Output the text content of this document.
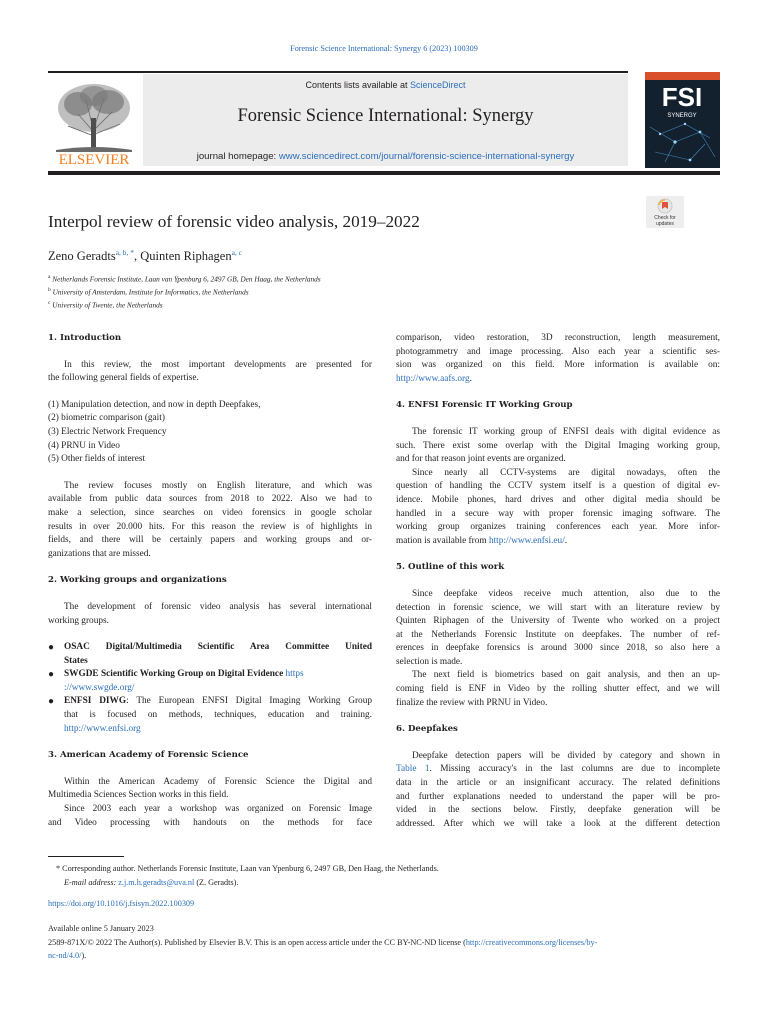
Forensic Science International: Synergy 6 (2023) 100309
ELSEVIER
Contents lists available at ScienceDirect
Forensic Science International: Synergy
journal homepage: www.sciencedirect.com/journal/forensic-science-international-synergy
FSI
SYNERGY
Interpol review of forensic video analysis, 2019–2022	Check for
updates
Zeno Geradts$^{a, b, *}$, Quinten Riphagen$^{a, c}$
$^a$ Netherlands Forensic Institute, Laan van Ypenburg 6, 2497 GB, Den Haag, the Netherlands
$^b$ University of Amsterdam, Institute for Informatics, the Netherlands
$^c$ University of Twente, the Netherlands
1. Introduction
In this review, the most important developments are presented for
the following general fields of expertise.
(1) Manipulation detection, and now in depth Deepfakes,
(2) biometric comparison (gait)
(3) Electric Network Frequency
(4) PRNU in Video
(5) Other fields of interest
The review focuses mostly on English literature, and which was
available from public data sources from 2018 to 2022. Also we had to
make a selection, since searches on video forensics in google scholar
results in over 20.000 hits. For this reason the review is of highlights in
fields, and there will be certainly papers and working groups and or-
ganizations that are missed.
2. Working groups and organizations
The development of forensic video analysis has several international
working groups.
● OSAC Digital/Multimedia Scientific Area Committee United
States
● SWGDE Scientific Working Group on Digital Evidence https
://www.swgde.org/
● ENFSI DIWG: The European ENFSI Digital Imaging Working Group
that is focused on methods, techniques, education and training.
http://www.enfsi.org
3. American Academy of Forensic Science
Within the American Academy of Forensic Science the Digital and
Multimedia Sciences Section works in this field.
Since 2003 each year a workshop was organized on Forensic Image
and Video processing with handouts on the methods for face
comparison, video restoration, 3D reconstruction, length measurement,
photogrammetry and image processing. Also each year a scientific ses-
sion was organized on this field. More information is available on:
http://www.aafs.org.
4. ENFSI Forensic IT Working Group
The forensic IT working group of ENFSI deals with digital evidence as
such. There exist some overlap with the Digital Imaging working group,
and for that reason joint events are organized.
Since nearly all CCTV-systems are digital nowadays, often the
question of handling the CCTV system itself is a question of digital ev-
idence. Mobile phones, hard drives and other digital media should be
handled in a secure way with proper forensic imaging software. The
working group organizes training conferences each year. More infor-
mation is available from http://www.enfsi.eu/.
5. Outline of this work
Since deepfake videos receive much attention, also due to the
detection in forensic science, we will start with an literature review by
Quinten Riphagen of the University of Twente who worked on a project
at the Netherlands Forensic Institute on deepfakes. The number of ref-
erences in deepfake forensics is around 3000 since 2018, so also here a
selection is made.
The next field is biometrics based on gait analysis, and then an up-
coming field is ENF in Video by the rolling shutter effect, and we will
finalize the review with PRNU in Video.
6. Deepfakes
Deepfake detection papers will be divided by category and shown in
Table 1. Missing accuracy's in the last columns are due to incomplete
data in the article or an insignificant accuracy. The related definitions
and further explanations needed to understand the paper will be pro-
vided in the sections below. Firstly, deepfake generation will be
addressed. After which we will take a look at the different detection
* Corresponding author. Netherlands Forensic Institute, Laan van Ypenburg 6, 2497 GB, Den Haag, the Netherlands.
E-mail address: z.j.m.h.geradts@uva.nl (Z. Geradts).
https://doi.org/10.1016/j.fsisyn.2022.100309
Available online 5 January 2023
2589-871X/© 2022 The Author(s). Published by Elsevier B.V. This is an open access article under the CC BY-NC-ND license (http://creativecommons.org/licenses/by-
nc-nd/4.0/).
